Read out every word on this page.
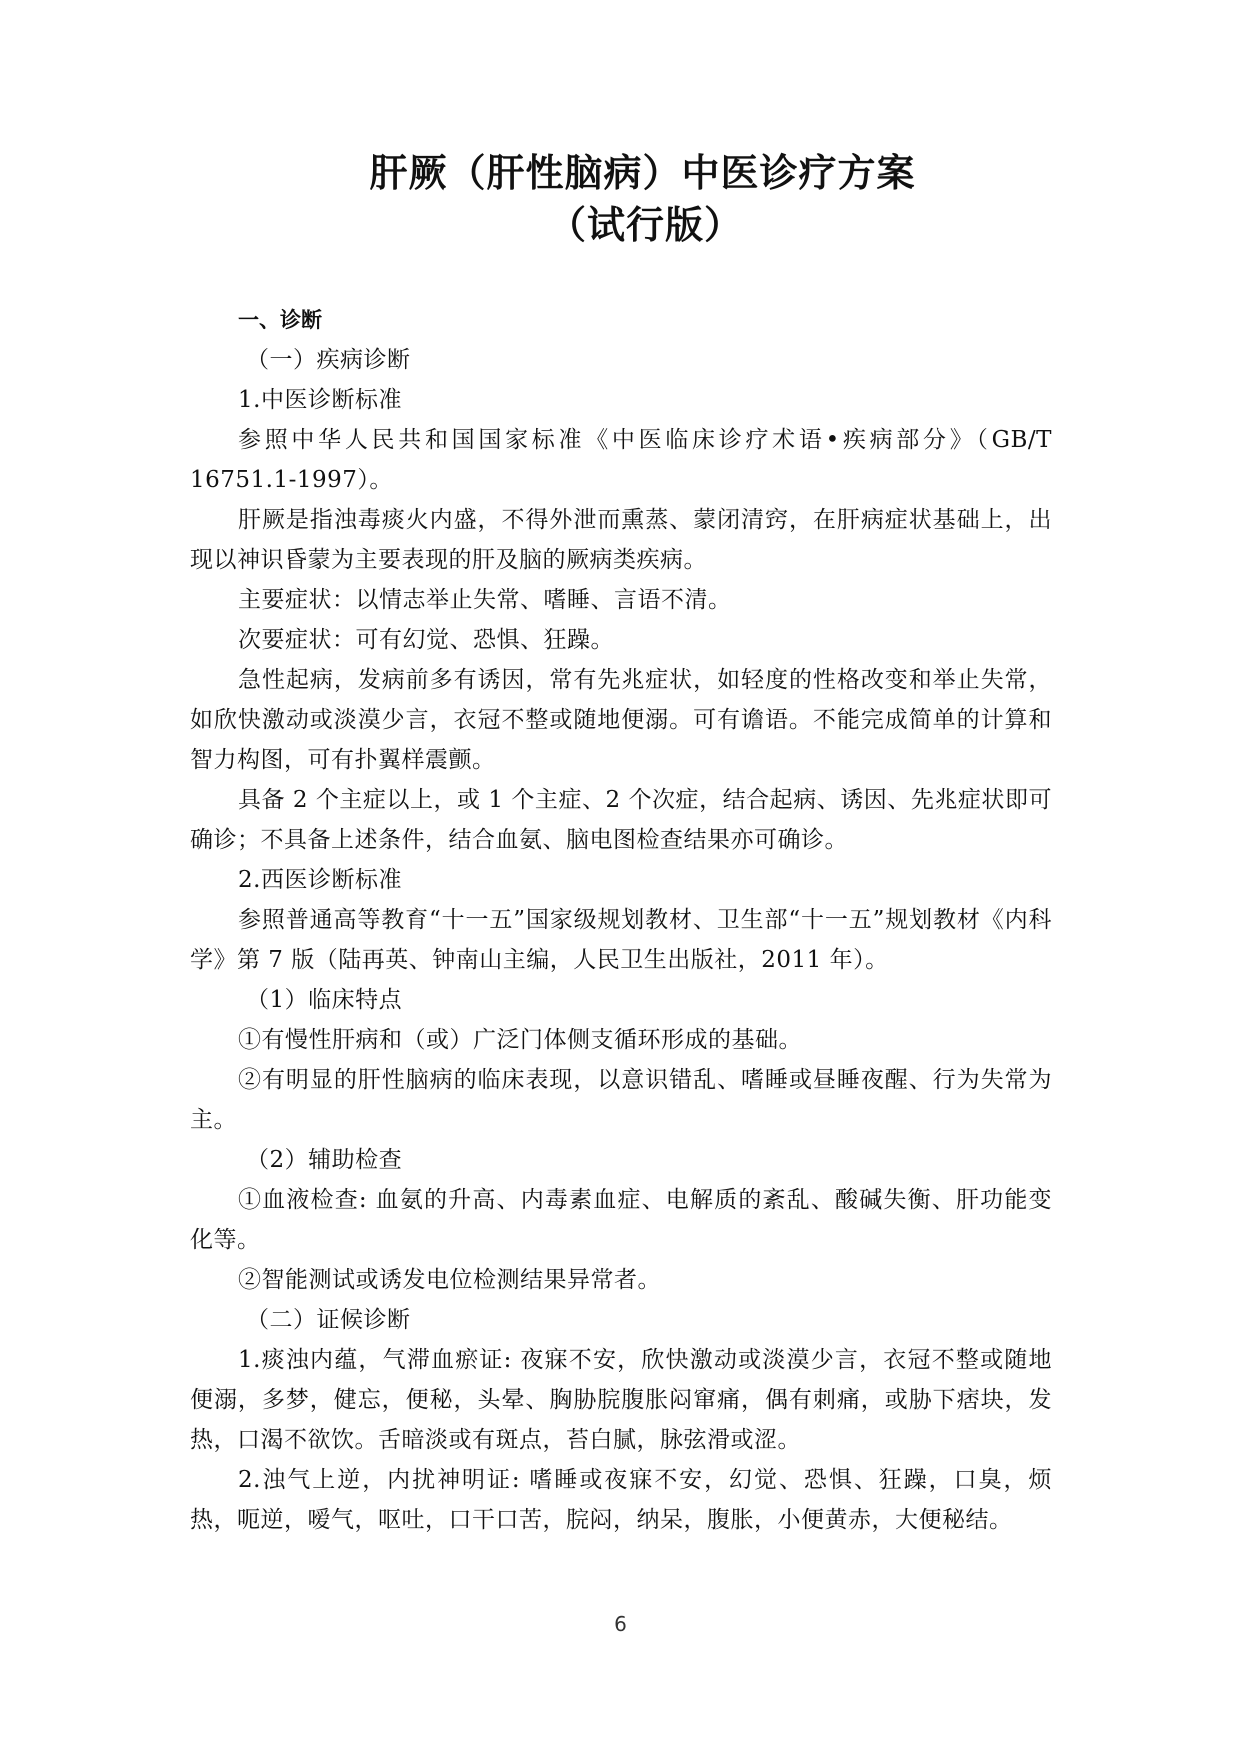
肝厥（肝性脑病）中医诊疗方案
（试行版）

一、诊断

（一）疾病诊断

1.中医诊断标准

参照中华人民共和国国家标准《中医临床诊疗术语•疾病部分》（GB/T 16751.1-1997）。

肝厥是指浊毒痰火内盛，不得外泄而熏蒸、蒙闭清窍，在肝病症状基础上，出现以神识昏蒙为主要表现的肝及脑的厥病类疾病。

主要症状：以情志举止失常、嗜睡、言语不清。

次要症状：可有幻觉、恐惧、狂躁。

急性起病，发病前多有诱因，常有先兆症状，如轻度的性格改变和举止失常，如欣快激动或淡漠少言，衣冠不整或随地便溺。可有谵语。不能完成简单的计算和智力构图，可有扑翼样震颤。

具备 2 个主症以上，或 1 个主症、2 个次症，结合起病、诱因、先兆症状即可确诊；不具备上述条件，结合血氨、脑电图检查结果亦可确诊。

2.西医诊断标准

参照普通高等教育“十一五”国家级规划教材、卫生部“十一五”规划教材《内科学》第 7 版（陆再英、钟南山主编，人民卫生出版社，2011 年）。

（1）临床特点

①有慢性肝病和（或）广泛门体侧支循环形成的基础。

②有明显的肝性脑病的临床表现，以意识错乱、嗜睡或昼睡夜醒、行为失常为主。

（2）辅助检查

①血液检查: 血氨的升高、内毒素血症、电解质的紊乱、酸碱失衡、肝功能变化等。

②智能测试或诱发电位检测结果异常者。

（二）证候诊断

1.痰浊内蕴，气滞血瘀证: 夜寐不安，欣快激动或淡漠少言，衣冠不整或随地便溺，多梦，健忘，便秘，头晕、胸胁脘腹胀闷窜痛，偶有刺痛，或胁下痞块，发热，口渴不欲饮。舌暗淡或有斑点，苔白腻，脉弦滑或涩。

2.浊气上逆，内扰神明证: 嗜睡或夜寐不安，幻觉、恐惧、狂躁，口臭，烦热，呃逆，嗳气，呕吐，口干口苦，脘闷，纳呆，腹胀，小便黄赤，大便秘结。

6
